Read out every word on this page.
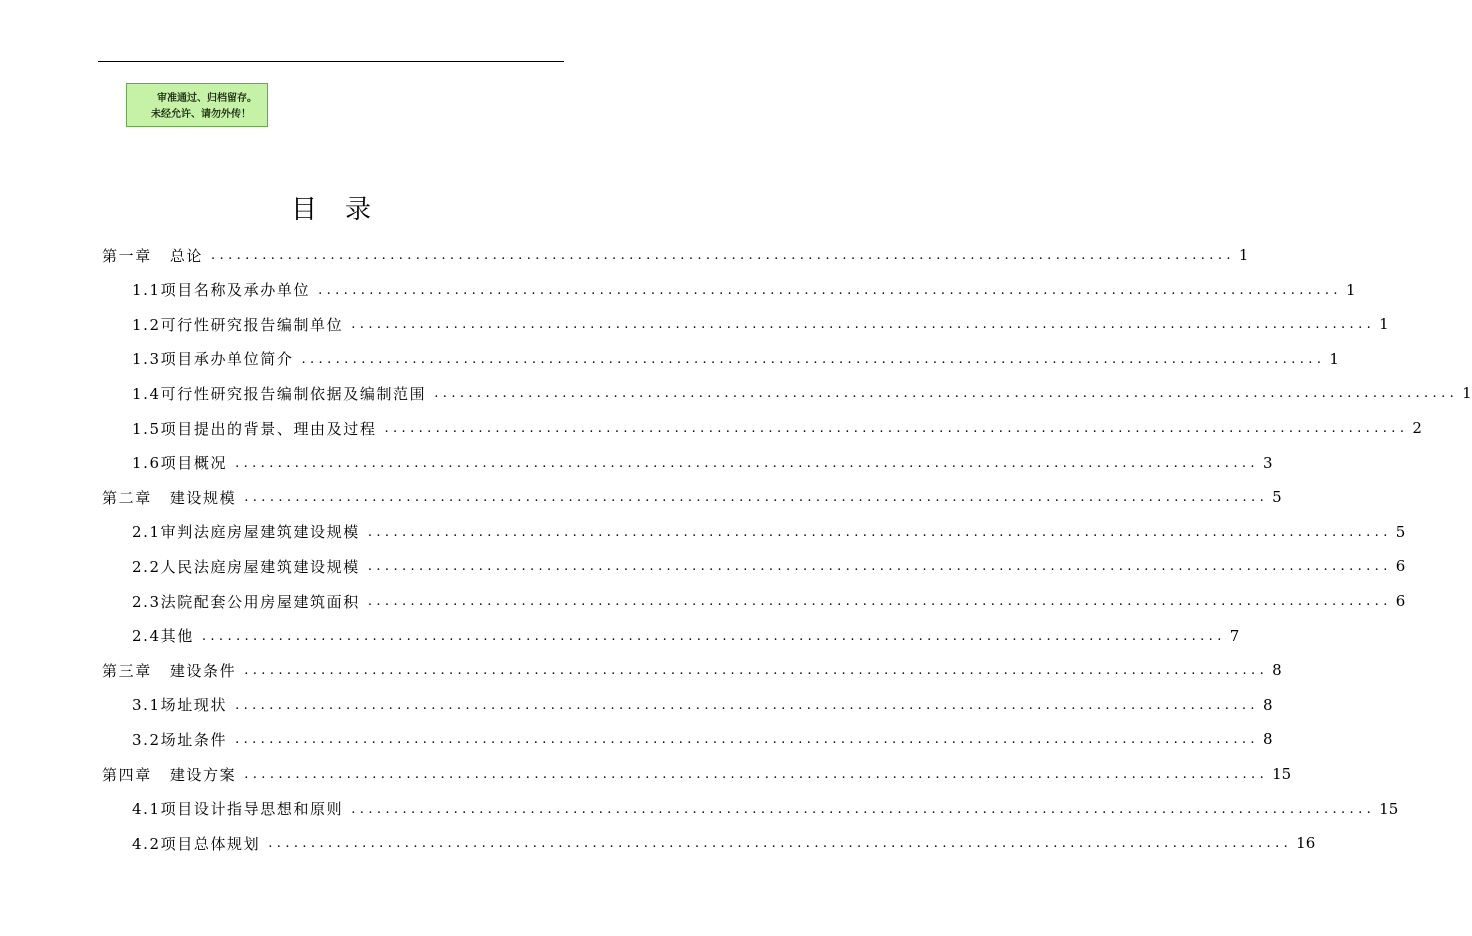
审准通过、归档留存。
未经允许、请勿外传！
目 录
第一章 总论 ........................................................................................................................ 1
1.1项目名称及承办单位 ........................................................................................................................ 1
1.2可行性研究报告编制单位 ........................................................................................................................ 1
1.3项目承办单位简介 ........................................................................................................................ 1
1.4可行性研究报告编制依据及编制范围 ........................................................................................................................ 1
1.5项目提出的背景、理由及过程 ........................................................................................................................ 2
1.6项目概况 ........................................................................................................................ 3
第二章 建设规模 ........................................................................................................................ 5
2.1审判法庭房屋建筑建设规模 ........................................................................................................................ 5
2.2人民法庭房屋建筑建设规模 ........................................................................................................................ 6
2.3法院配套公用房屋建筑面积 ........................................................................................................................ 6
2.4其他 ........................................................................................................................ 7
第三章 建设条件 ........................................................................................................................ 8
3.1场址现状 ........................................................................................................................ 8
3.2场址条件 ........................................................................................................................ 8
第四章 建设方案 ........................................................................................................................ 15
4.1项目设计指导思想和原则 ........................................................................................................................ 15
4.2项目总体规划 ........................................................................................................................ 16
